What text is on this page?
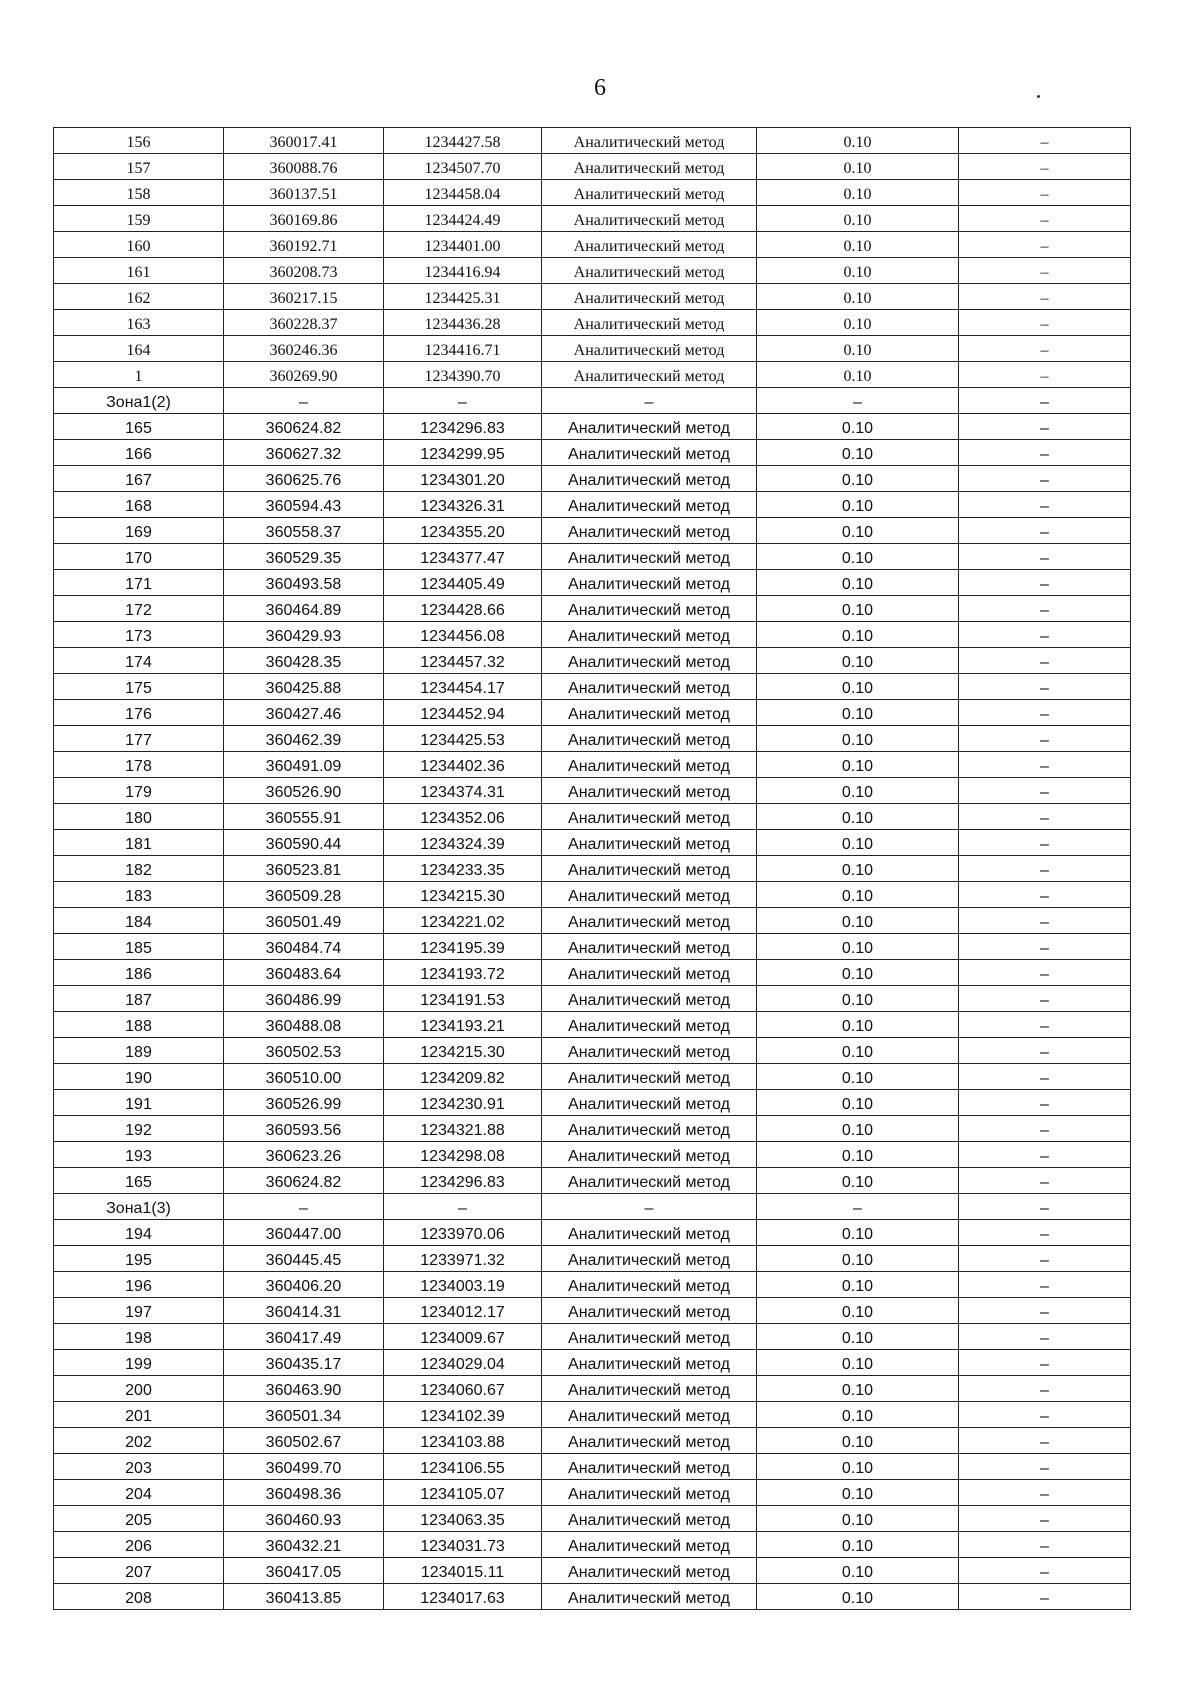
6
156	360017.41	1234427.58	Аналитический метод	0.10	–
157	360088.76	1234507.70	Аналитический метод	0.10	–
158	360137.51	1234458.04	Аналитический метод	0.10	–
159	360169.86	1234424.49	Аналитический метод	0.10	–
160	360192.71	1234401.00	Аналитический метод	0.10	–
161	360208.73	1234416.94	Аналитический метод	0.10	–
162	360217.15	1234425.31	Аналитический метод	0.10	–
163	360228.37	1234436.28	Аналитический метод	0.10	–
164	360246.36	1234416.71	Аналитический метод	0.10	–
1	360269.90	1234390.70	Аналитический метод	0.10	–
Зона1(2)	–	–	–	–	–
165	360624.82	1234296.83	Аналитический метод	0.10	–
166	360627.32	1234299.95	Аналитический метод	0.10	–
167	360625.76	1234301.20	Аналитический метод	0.10	–
168	360594.43	1234326.31	Аналитический метод	0.10	–
169	360558.37	1234355.20	Аналитический метод	0.10	–
170	360529.35	1234377.47	Аналитический метод	0.10	–
171	360493.58	1234405.49	Аналитический метод	0.10	–
172	360464.89	1234428.66	Аналитический метод	0.10	–
173	360429.93	1234456.08	Аналитический метод	0.10	–
174	360428.35	1234457.32	Аналитический метод	0.10	–
175	360425.88	1234454.17	Аналитический метод	0.10	–
176	360427.46	1234452.94	Аналитический метод	0.10	–
177	360462.39	1234425.53	Аналитический метод	0.10	–
178	360491.09	1234402.36	Аналитический метод	0.10	–
179	360526.90	1234374.31	Аналитический метод	0.10	–
180	360555.91	1234352.06	Аналитический метод	0.10	–
181	360590.44	1234324.39	Аналитический метод	0.10	–
182	360523.81	1234233.35	Аналитический метод	0.10	–
183	360509.28	1234215.30	Аналитический метод	0.10	–
184	360501.49	1234221.02	Аналитический метод	0.10	–
185	360484.74	1234195.39	Аналитический метод	0.10	–
186	360483.64	1234193.72	Аналитический метод	0.10	–
187	360486.99	1234191.53	Аналитический метод	0.10	–
188	360488.08	1234193.21	Аналитический метод	0.10	–
189	360502.53	1234215.30	Аналитический метод	0.10	–
190	360510.00	1234209.82	Аналитический метод	0.10	–
191	360526.99	1234230.91	Аналитический метод	0.10	–
192	360593.56	1234321.88	Аналитический метод	0.10	–
193	360623.26	1234298.08	Аналитический метод	0.10	–
165	360624.82	1234296.83	Аналитический метод	0.10	–
Зона1(3)	–	–	–	–	–
194	360447.00	1233970.06	Аналитический метод	0.10	–
195	360445.45	1233971.32	Аналитический метод	0.10	–
196	360406.20	1234003.19	Аналитический метод	0.10	–
197	360414.31	1234012.17	Аналитический метод	0.10	–
198	360417.49	1234009.67	Аналитический метод	0.10	–
199	360435.17	1234029.04	Аналитический метод	0.10	–
200	360463.90	1234060.67	Аналитический метод	0.10	–
201	360501.34	1234102.39	Аналитический метод	0.10	–
202	360502.67	1234103.88	Аналитический метод	0.10	–
203	360499.70	1234106.55	Аналитический метод	0.10	–
204	360498.36	1234105.07	Аналитический метод	0.10	–
205	360460.93	1234063.35	Аналитический метод	0.10	–
206	360432.21	1234031.73	Аналитический метод	0.10	–
207	360417.05	1234015.11	Аналитический метод	0.10	–
208	360413.85	1234017.63	Аналитический метод	0.10	–
